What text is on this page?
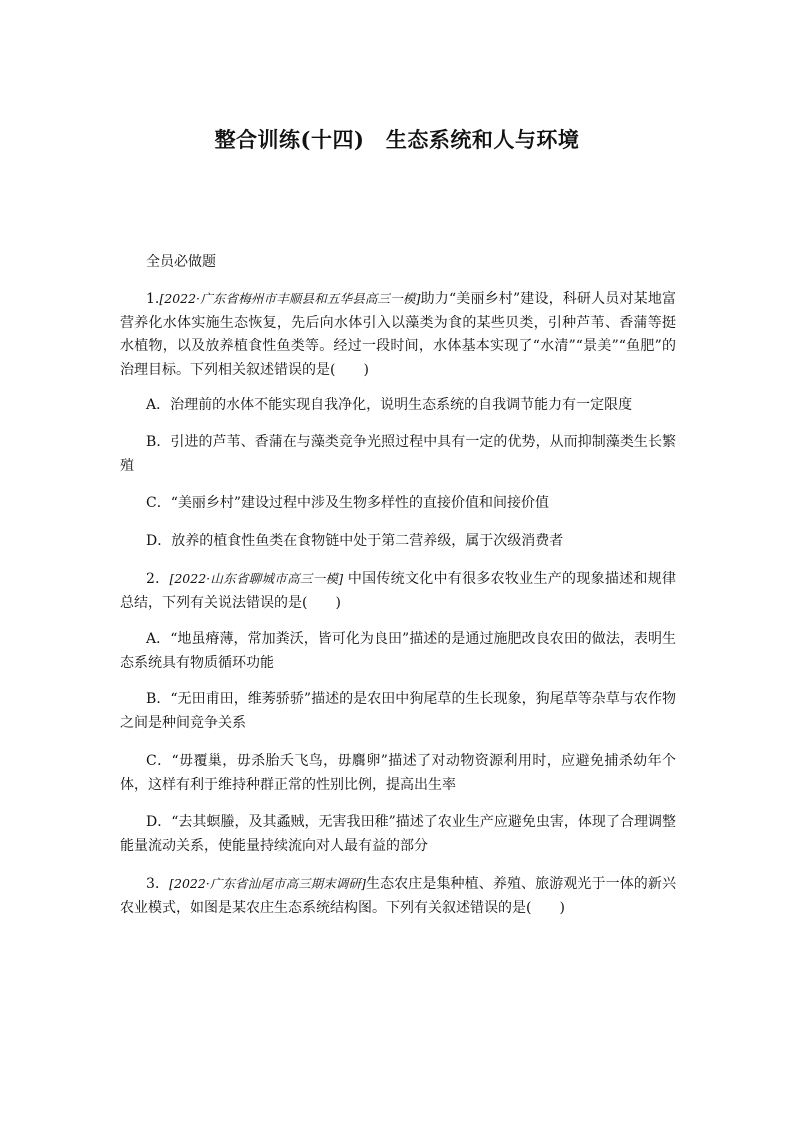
整合训练(十四)　生态系统和人与环境
全员必做题
1.[2022·广东省梅州市丰顺县和五华县高三一模]助力“美丽乡村”建设，科研人员对某地富营养化水体实施生态恢复，先后向水体引入以藻类为食的某些贝类，引种芦苇、香蒲等挺水植物，以及放养植食性鱼类等。经过一段时间，水体基本实现了“水清”“景美”“鱼肥”的治理目标。下列相关叙述错误的是(　　)
A．治理前的水体不能实现自我净化，说明生态系统的自我调节能力有一定限度
B．引进的芦苇、香蒲在与藻类竞争光照过程中具有一定的优势，从而抑制藻类生长繁殖
C．“美丽乡村”建设过程中涉及生物多样性的直接价值和间接价值
D．放养的植食性鱼类在食物链中处于第二营养级，属于次级消费者
2．[2022·山东省聊城市高三一模] 中国传统文化中有很多农牧业生产的现象描述和规律总结，下列有关说法错误的是(　　)
A．“地虽瘠薄，常加粪沃，皆可化为良田”描述的是通过施肥改良农田的做法，表明生态系统具有物质循环功能
B．“无田甫田，维莠骄骄”描述的是农田中狗尾草的生长现象，狗尾草等杂草与农作物之间是种间竞争关系
C．“毋覆巢，毋杀胎夭飞鸟，毋麛卵”描述了对动物资源利用时，应避免捕杀幼年个体，这样有利于维持种群正常的性别比例，提高出生率
D．“去其螟螣，及其蟊贼，无害我田稚”描述了农业生产应避免虫害，体现了合理调整能量流动关系，使能量持续流向对人最有益的部分
3．[2022·广东省汕尾市高三期末调研]生态农庄是集种植、养殖、旅游观光于一体的新兴农业模式，如图是某农庄生态系统结构图。下列有关叙述错误的是(　　)
